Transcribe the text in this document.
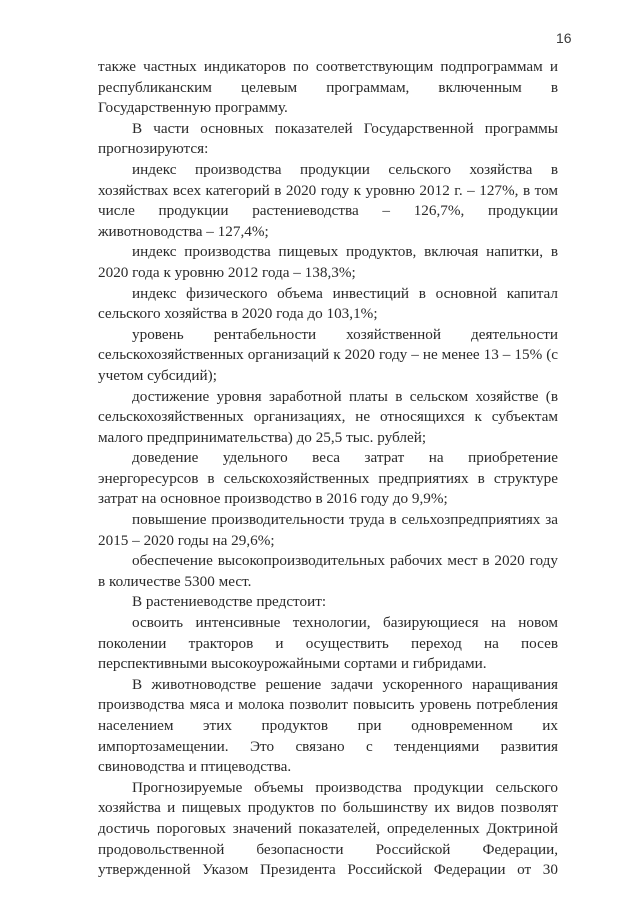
16

также частных индикаторов по соответствующим подпрограммам и республиканским целевым программам, включенным в Государственную программу.

В части основных показателей Государственной программы прогнозируются:

индекс производства продукции сельского хозяйства в хозяйствах всех категорий в 2020 году к уровню 2012 г. – 127%, в том числе продукции растениеводства – 126,7%, продукции животноводства – 127,4%;

индекс производства пищевых продуктов, включая напитки, в 2020 года к уровню 2012 года – 138,3%;

индекс физического объема инвестиций в основной капитал сельского хозяйства в 2020 года до 103,1%;

уровень рентабельности хозяйственной деятельности сельскохозяйственных организаций к 2020 году – не менее 13 – 15% (с учетом субсидий);

достижение уровня заработной платы в сельском хозяйстве (в сельскохозяйственных организациях, не относящихся к субъектам малого предпринимательства) до 25,5 тыс. рублей;

доведение удельного веса затрат на приобретение энергоресурсов в сельскохозяйственных предприятиях в структуре затрат на основное производство в 2016 году до 9,9%;

повышение производительности труда в сельхозпредприятиях за 2015 – 2020 годы на 29,6%;

обеспечение высокопроизводительных рабочих мест в 2020 году в количестве 5300 мест.

В растениеводстве предстоит:

освоить интенсивные технологии, базирующиеся на новом поколении тракторов и осуществить переход на посев перспективными высокоурожайными сортами и гибридами.

В животноводстве решение задачи ускоренного наращивания производства мяса и молока позволит повысить уровень потребления населением этих продуктов при одновременном их импортозамещении. Это связано с тенденциями развития свиноводства и птицеводства.

Прогнозируемые объемы производства продукции сельского хозяйства и пищевых продуктов по большинству их видов позволят достичь пороговых значений показателей, определенных Доктриной продовольственной безопасности Российской Федерации, утвержденной Указом Президента Российской Федерации от 30
